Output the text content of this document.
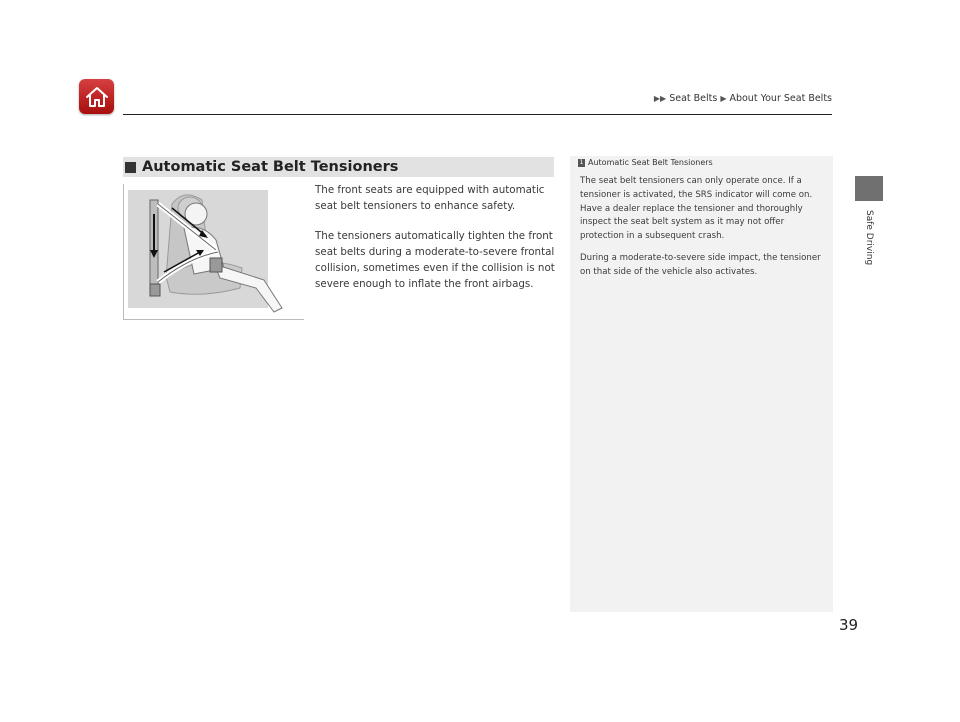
▶▶ Seat Belts ▶ About Your Seat Belts
Safe Driving
Automatic Seat Belt Tensioners

The front seats are equipped with automatic seat belt tensioners to enhance safety.

The tensioners automatically tighten the front seat belts during a moderate-to-severe frontal collision, sometimes even if the collision is not severe enough to inflate the front airbags.

1 Automatic Seat Belt Tensioners

The seat belt tensioners can only operate once. If a tensioner is activated, the SRS indicator will come on. Have a dealer replace the tensioner and thoroughly inspect the seat belt system as it may not offer protection in a subsequent crash.

During a moderate-to-severe side impact, the tensioner on that side of the vehicle also activates.

39
